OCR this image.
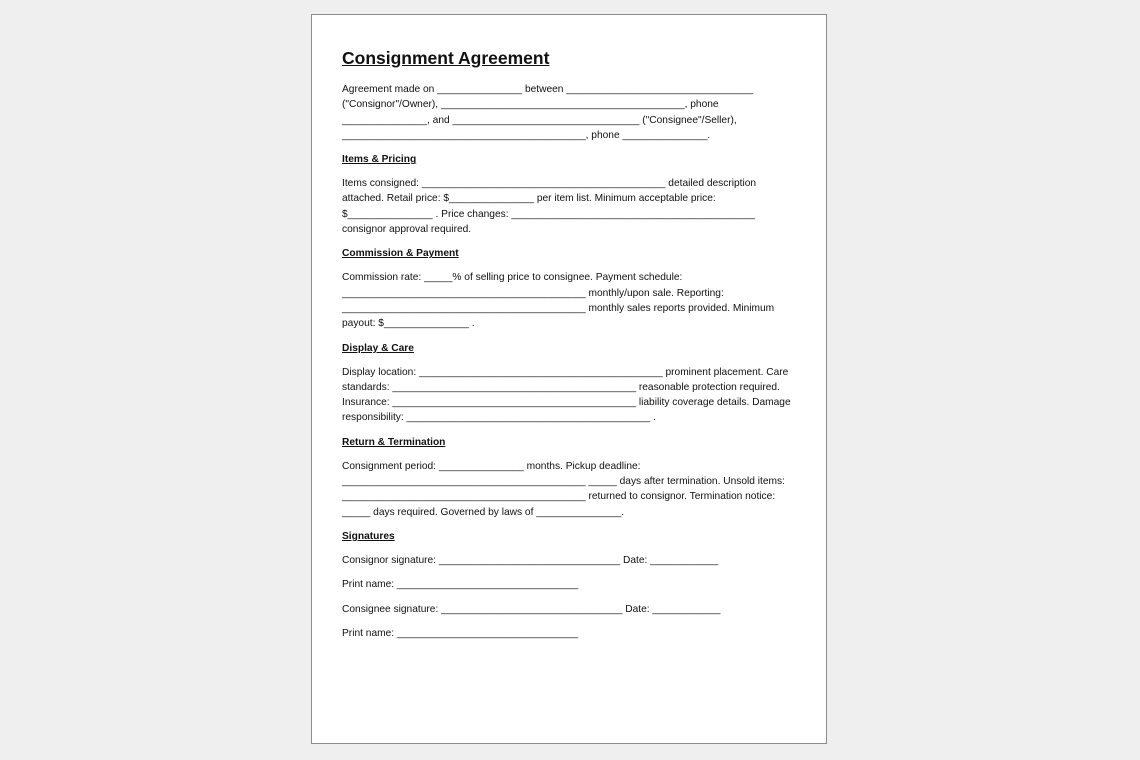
Consignment Agreement
Agreement made on _______________ between _________________________________ ("Consignor"/Owner), ___________________________________________, phone _______________, and _________________________________ ("Consignee"/Seller), ___________________________________________, phone _______________.
Items & Pricing
Items consigned: ___________________________________________ detailed description attached. Retail price: $_______________ per item list. Minimum acceptable price: $_______________ . Price changes: ___________________________________________ consignor approval required.
Commission & Payment
Commission rate: _____% of selling price to consignee. Payment schedule: ___________________________________________ monthly/upon sale. Reporting: ___________________________________________ monthly sales reports provided. Minimum payout: $_______________ .
Display & Care
Display location: ___________________________________________ prominent placement. Care standards: ___________________________________________ reasonable protection required. Insurance: ___________________________________________ liability coverage details. Damage responsibility: ___________________________________________ .
Return & Termination
Consignment period: _______________ months. Pickup deadline: ___________________________________________ _____ days after termination. Unsold items: ___________________________________________ returned to consignor. Termination notice: _____ days required. Governed by laws of _______________.
Signatures
Consignor signature: ________________________________ Date: ____________
Print name: ________________________________
Consignee signature: ________________________________ Date: ____________
Print name: ________________________________
